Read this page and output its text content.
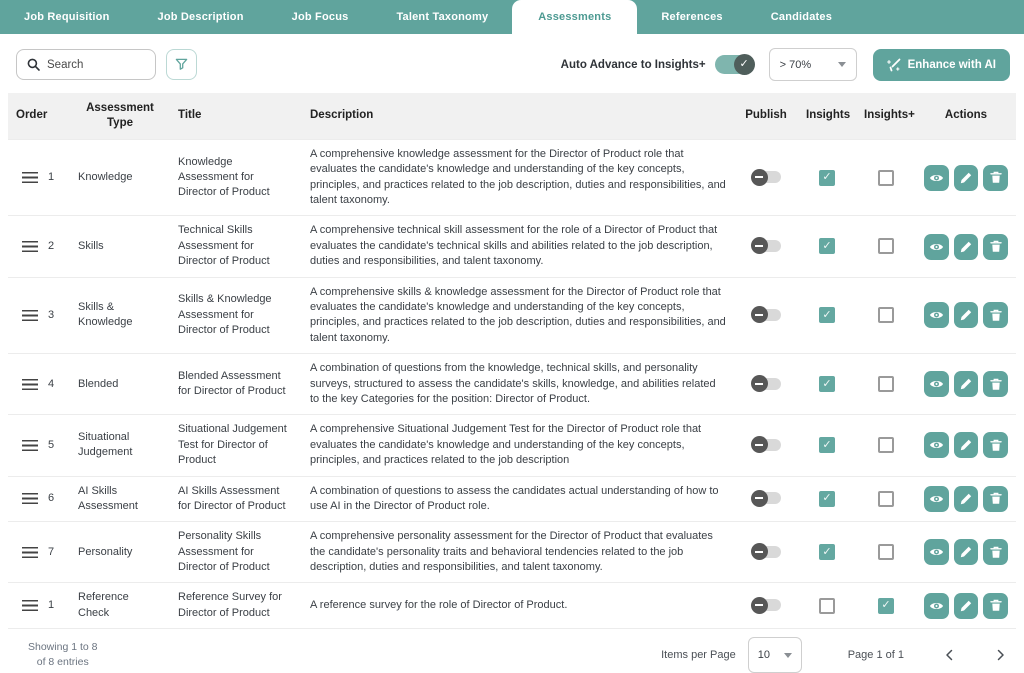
Job Requisition	Job Description	Job Focus	Talent Taxonomy	Assessments	References	Candidates
Search
Auto Advance to Insights+	✓	> 70%	Enhance with AI
Order	Assessment Type	Title	Description	Publish	Insights	Insights+	Actions

1	Knowledge	Knowledge Assessment for Director of Product	A comprehensive knowledge assessment for the Director of Product role that evaluates the candidate's knowledge and understanding of the key concepts, principles, and practices related to the job description, duties and responsibilities, and talent taxonomy.		✓

2	Skills	Technical Skills Assessment for Director of Product	A comprehensive technical skill assessment for the role of a Director of Product that evaluates the candidate's technical skills and abilities related to the job description, duties and responsibilities, and talent taxonomy.		✓

3	Skills & Knowledge	Skills & Knowledge Assessment for Director of Product	A comprehensive skills & knowledge assessment for the Director of Product role that evaluates the candidate's knowledge and understanding of the key concepts, principles, and practices related to the job description, duties and responsibilities, and talent taxonomy.		✓

4	Blended	Blended Assessment for Director of Product	A combination of questions from the knowledge, technical skills, and personality surveys, structured to assess the candidate's skills, knowledge, and abilities related to the key Categories for the position: Director of Product.		✓

5	Situational Judgement	Situational Judgement Test for Director of Product	A comprehensive Situational Judgement Test for the Director of Product role that evaluates the candidate's knowledge and understanding of the key concepts, principles, and practices related to the job description		✓

6	AI Skills Assessment	AI Skills Assessment for Director of Product	A combination of questions to assess the candidates actual understanding of how to use AI in the Director of Product role.		✓

7	Personality	Personality Skills Assessment for Director of Product	A comprehensive personality assessment for the Director of Product that evaluates the candidate's personality traits and behavioral tendencies related to the job description, duties and responsibilities, and talent taxonomy.		✓

1	Reference Check	Reference Survey for Director of Product	A reference survey for the role of Director of Product.			✓

Showing 1 to 8
of 8 entries
Items per Page 10	Page 1 of 1
